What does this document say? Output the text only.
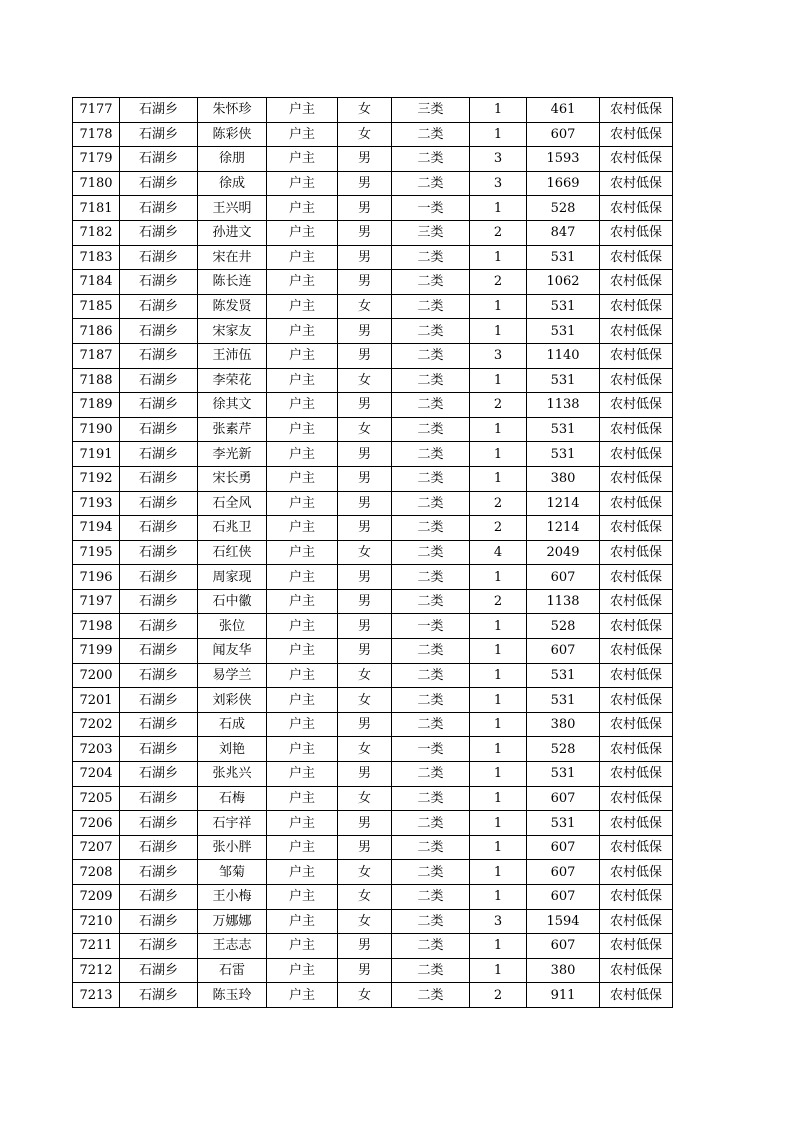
7177	石湖乡	朱怀珍	户主	女	三类	1	461	农村低保
7178	石湖乡	陈彩侠	户主	女	二类	1	607	农村低保
7179	石湖乡	徐朋	户主	男	二类	3	1593	农村低保
7180	石湖乡	徐成	户主	男	二类	3	1669	农村低保
7181	石湖乡	王兴明	户主	男	一类	1	528	农村低保
7182	石湖乡	孙进文	户主	男	三类	2	847	农村低保
7183	石湖乡	宋在井	户主	男	二类	1	531	农村低保
7184	石湖乡	陈长连	户主	男	二类	2	1062	农村低保
7185	石湖乡	陈发贤	户主	女	二类	1	531	农村低保
7186	石湖乡	宋家友	户主	男	二类	1	531	农村低保
7187	石湖乡	王沛伍	户主	男	二类	3	1140	农村低保
7188	石湖乡	李荣花	户主	女	二类	1	531	农村低保
7189	石湖乡	徐其文	户主	男	二类	2	1138	农村低保
7190	石湖乡	张素芹	户主	女	二类	1	531	农村低保
7191	石湖乡	李光新	户主	男	二类	1	531	农村低保
7192	石湖乡	宋长勇	户主	男	二类	1	380	农村低保
7193	石湖乡	石全风	户主	男	二类	2	1214	农村低保
7194	石湖乡	石兆卫	户主	男	二类	2	1214	农村低保
7195	石湖乡	石红侠	户主	女	二类	4	2049	农村低保
7196	石湖乡	周家现	户主	男	二类	1	607	农村低保
7197	石湖乡	石中徽	户主	男	二类	2	1138	农村低保
7198	石湖乡	张位	户主	男	一类	1	528	农村低保
7199	石湖乡	闻友华	户主	男	二类	1	607	农村低保
7200	石湖乡	易学兰	户主	女	二类	1	531	农村低保
7201	石湖乡	刘彩侠	户主	女	二类	1	531	农村低保
7202	石湖乡	石成	户主	男	二类	1	380	农村低保
7203	石湖乡	刘艳	户主	女	一类	1	528	农村低保
7204	石湖乡	张兆兴	户主	男	二类	1	531	农村低保
7205	石湖乡	石梅	户主	女	二类	1	607	农村低保
7206	石湖乡	石宇祥	户主	男	二类	1	531	农村低保
7207	石湖乡	张小胖	户主	男	二类	1	607	农村低保
7208	石湖乡	邹菊	户主	女	二类	1	607	农村低保
7209	石湖乡	王小梅	户主	女	二类	1	607	农村低保
7210	石湖乡	万娜娜	户主	女	二类	3	1594	农村低保
7211	石湖乡	王志志	户主	男	二类	1	607	农村低保
7212	石湖乡	石雷	户主	男	二类	1	380	农村低保
7213	石湖乡	陈玉玲	户主	女	二类	2	911	农村低保
